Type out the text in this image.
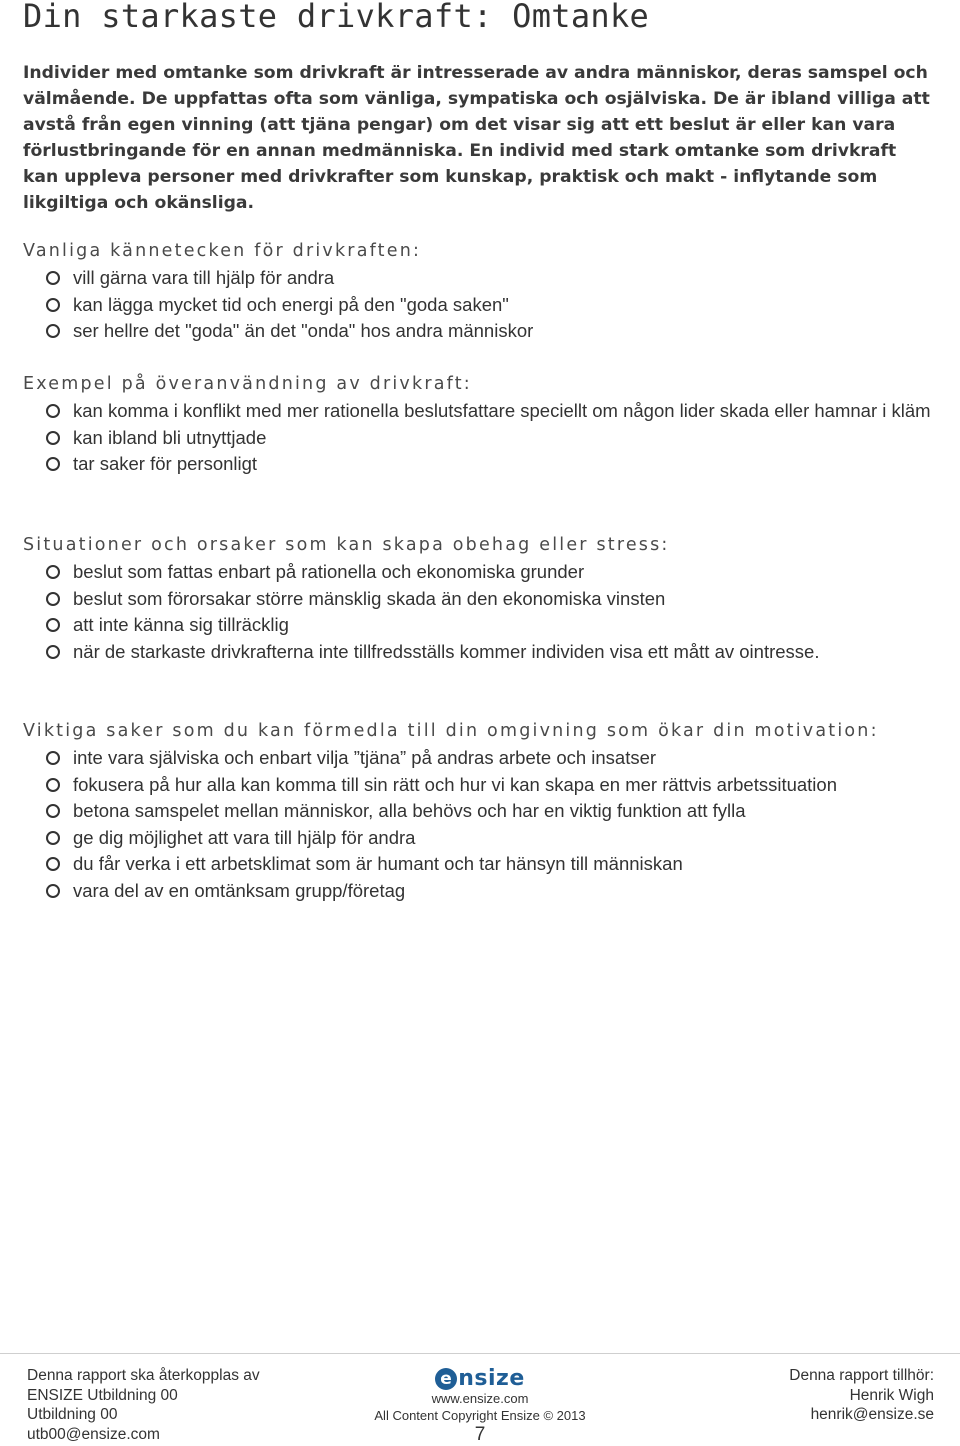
Din starkaste drivkraft: Omtanke
Individer med omtanke som drivkraft är intresserade av andra människor, deras samspel och välmående. De uppfattas ofta som vänliga, sympatiska och osjälviska. De är ibland villiga att avstå från egen vinning (att tjäna pengar) om det visar sig att ett beslut är eller kan vara förlustbringande för en annan medmänniska. En individ med stark omtanke som drivkraft kan uppleva personer med drivkrafter som kunskap, praktisk och makt - inflytande som likgiltiga och okänsliga.
Vanliga kännetecken för drivkraften:
vill gärna vara till hjälp för andra
kan lägga mycket tid och energi på den "goda saken"
ser hellre det "goda" än det "onda" hos andra människor
Exempel på överanvändning av drivkraft:
kan komma i konflikt med mer rationella beslutsfattare speciellt om någon lider skada eller hamnar i kläm
kan ibland bli utnyttjade
tar saker för personligt
Situationer och orsaker som kan skapa obehag eller stress:
beslut som fattas enbart på rationella och ekonomiska grunder
beslut som förorsakar större mänsklig skada än den ekonomiska vinsten
att inte känna sig tillräcklig
när de starkaste drivkrafterna inte tillfredsställs kommer individen visa ett mått av ointresse.
Viktiga saker som du kan förmedla till din omgivning som ökar din motivation:
inte vara själviska och enbart vilja ”tjäna” på andras arbete och insatser
fokusera på hur alla kan komma till sin rätt och hur vi kan skapa en mer rättvis arbetssituation
betona samspelet mellan människor, alla behövs och har en viktig funktion att fylla
ge dig möjlighet att vara till hjälp för andra
du får verka i ett arbetsklimat som är humant och tar hänsyn till människan
vara del av en omtänksam grupp/företag
Denna rapport ska återkopplas av
ENSIZE Utbildning 00
Utbildning 00
utb00@ensize.com
e nsize
www.ensize.com
All Content Copyright Ensize © 2013
7
Denna rapport tillhör:
Henrik Wigh
henrik@ensize.se
